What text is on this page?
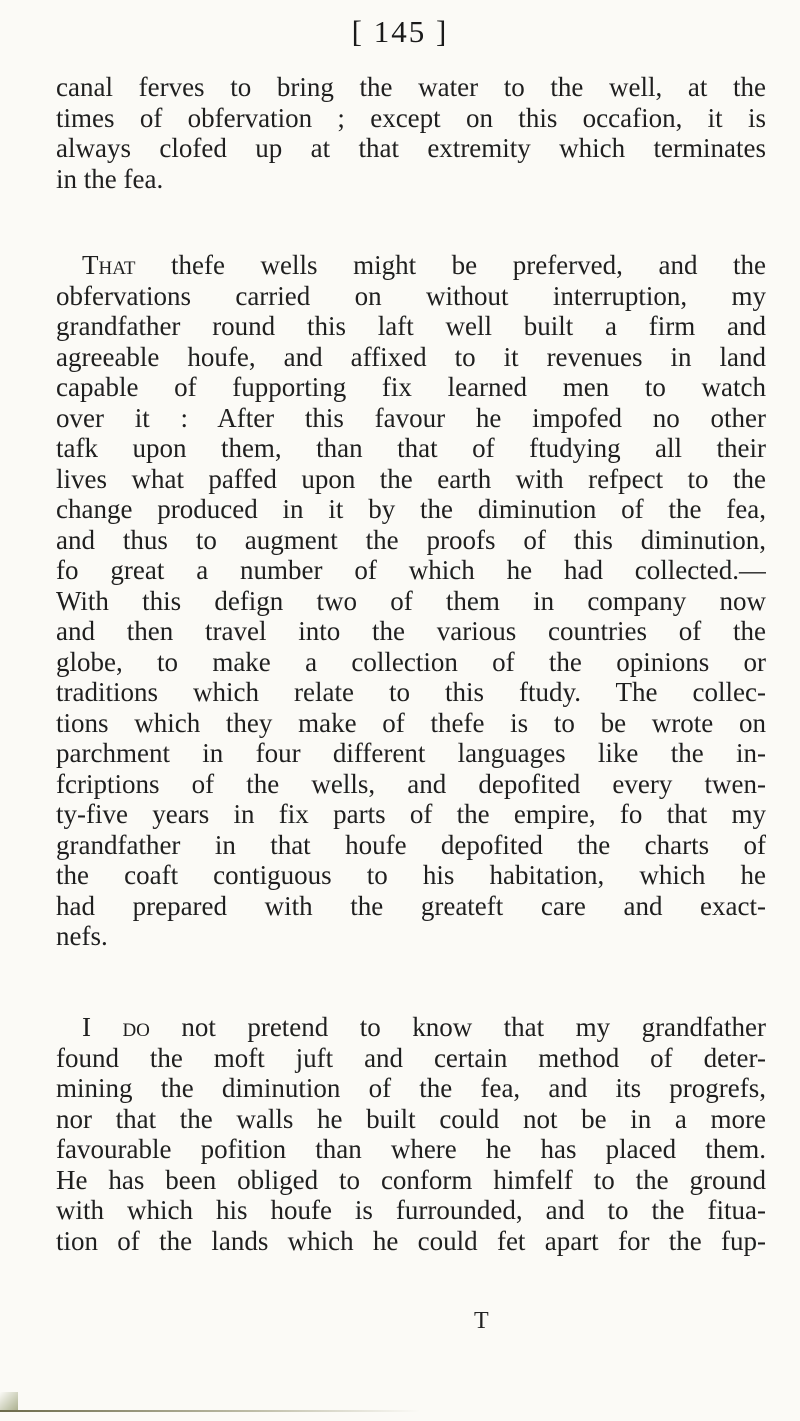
[ 145 ]
canal ferves to bring the water to the well, at the
times of obfervation ; except on this occafion, it is
always clofed up at that extremity which terminates
in the fea.
That thefe wells might be preferved, and the
obfervations carried on without interruption, my
grandfather round this laft well built a firm and
agreeable houfe, and affixed to it revenues in land
capable of fupporting fix learned men to watch
over it : After this favour he impofed no other
tafk upon them, than that of ftudying all their
lives what paffed upon the earth with refpect to the
change produced in it by the diminution of the fea,
and thus to augment the proofs of this diminution,
fo great a number of which he had collected.—
With this defign two of them in company now
and then travel into the various countries of the
globe, to make a collection of the opinions or
traditions which relate to this ftudy. The collec-
tions which they make of thefe is to be wrote on
parchment in four different languages like the in-
fcriptions of the wells, and depofited every twen-
ty-five years in fix parts of the empire, fo that my
grandfather in that houfe depofited the charts of
the coaft contiguous to his habitation, which he
had prepared with the greateft care and exact-
nefs.
I do not pretend to know that my grandfather
found the moft juft and certain method of deter-
mining the diminution of the fea, and its progrefs,
nor that the walls he built could not be in a more
favourable pofition than where he has placed them.
He has been obliged to conform himfelf to the ground
with which his houfe is furrounded, and to the fitua-
tion of the lands which he could fet apart for the fup-
T
